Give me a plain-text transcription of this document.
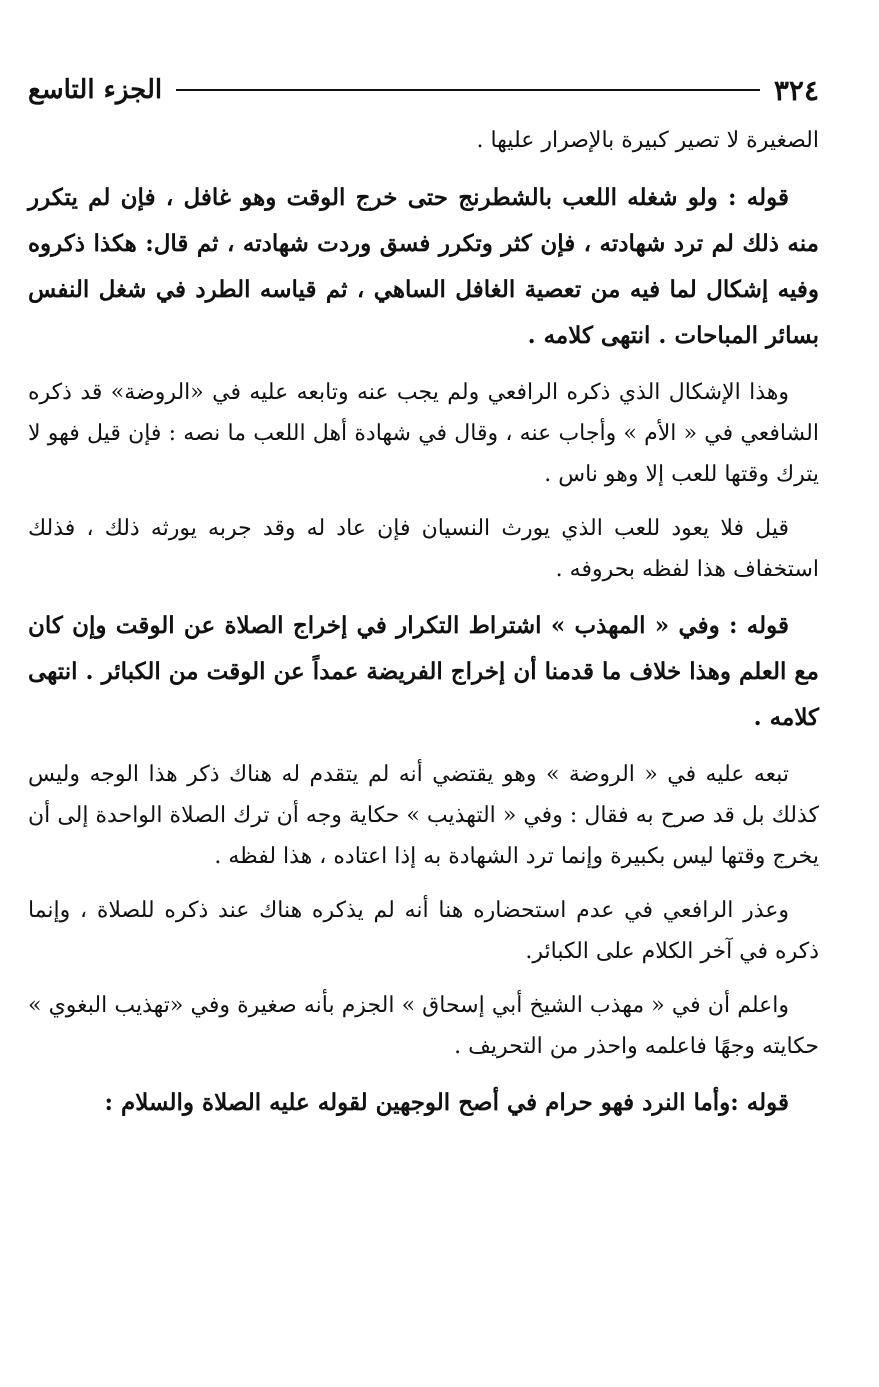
٣٢٤
الجزء التاسع

الصغيرة لا تصير كبيرة بالإصرار عليها .

قوله : ولو شغله اللعب بالشطرنج حتى خرج الوقت وهو غافل ، فإن لم يتكرر منه ذلك لم ترد شهادته ، فإن كثر وتكرر فسق وردت شهادته ، ثم قال: هكذا ذكروه وفيه إشكال لما فيه من تعصية الغافل الساهي ، ثم قياسه الطرد في شغل النفس بسائر المباحات . انتهى كلامه .

وهذا الإشكال الذي ذكره الرافعي ولم يجب عنه وتابعه عليه في «الروضة» قد ذكره الشافعي في « الأم » وأجاب عنه ، وقال في شهادة أهل اللعب ما نصه : فإن قيل فهو لا يترك وقتها للعب إلا وهو ناس .

قيل فلا يعود للعب الذي يورث النسيان فإن عاد له وقد جربه يورثه ذلك ، فذلك استخفاف هذا لفظه بحروفه .

قوله : وفي « المهذب » اشتراط التكرار في إخراج الصلاة عن الوقت وإن كان مع العلم وهذا خلاف ما قدمنا أن إخراج الفريضة عمداً عن الوقت من الكبائر . انتهى كلامه .

تبعه عليه في « الروضة » وهو يقتضي أنه لم يتقدم له هناك ذكر هذا الوجه وليس كذلك بل قد صرح به فقال : وفي « التهذيب » حكاية وجه أن ترك الصلاة الواحدة إلى أن يخرج وقتها ليس بكبيرة وإنما ترد الشهادة به إذا اعتاده ، هذا لفظه .

وعذر الرافعي في عدم استحضاره هنا أنه لم يذكره هناك عند ذكره للصلاة ، وإنما ذكره في آخر الكلام على الكبائر.

واعلم أن في « مهذب الشيخ أبي إسحاق » الجزم بأنه صغيرة وفي «تهذيب البغوي » حكايته وجهًا فاعلمه واحذر من التحريف .

قوله :وأما النرد فهو حرام في أصح الوجهين لقوله عليه الصلاة والسلام :
